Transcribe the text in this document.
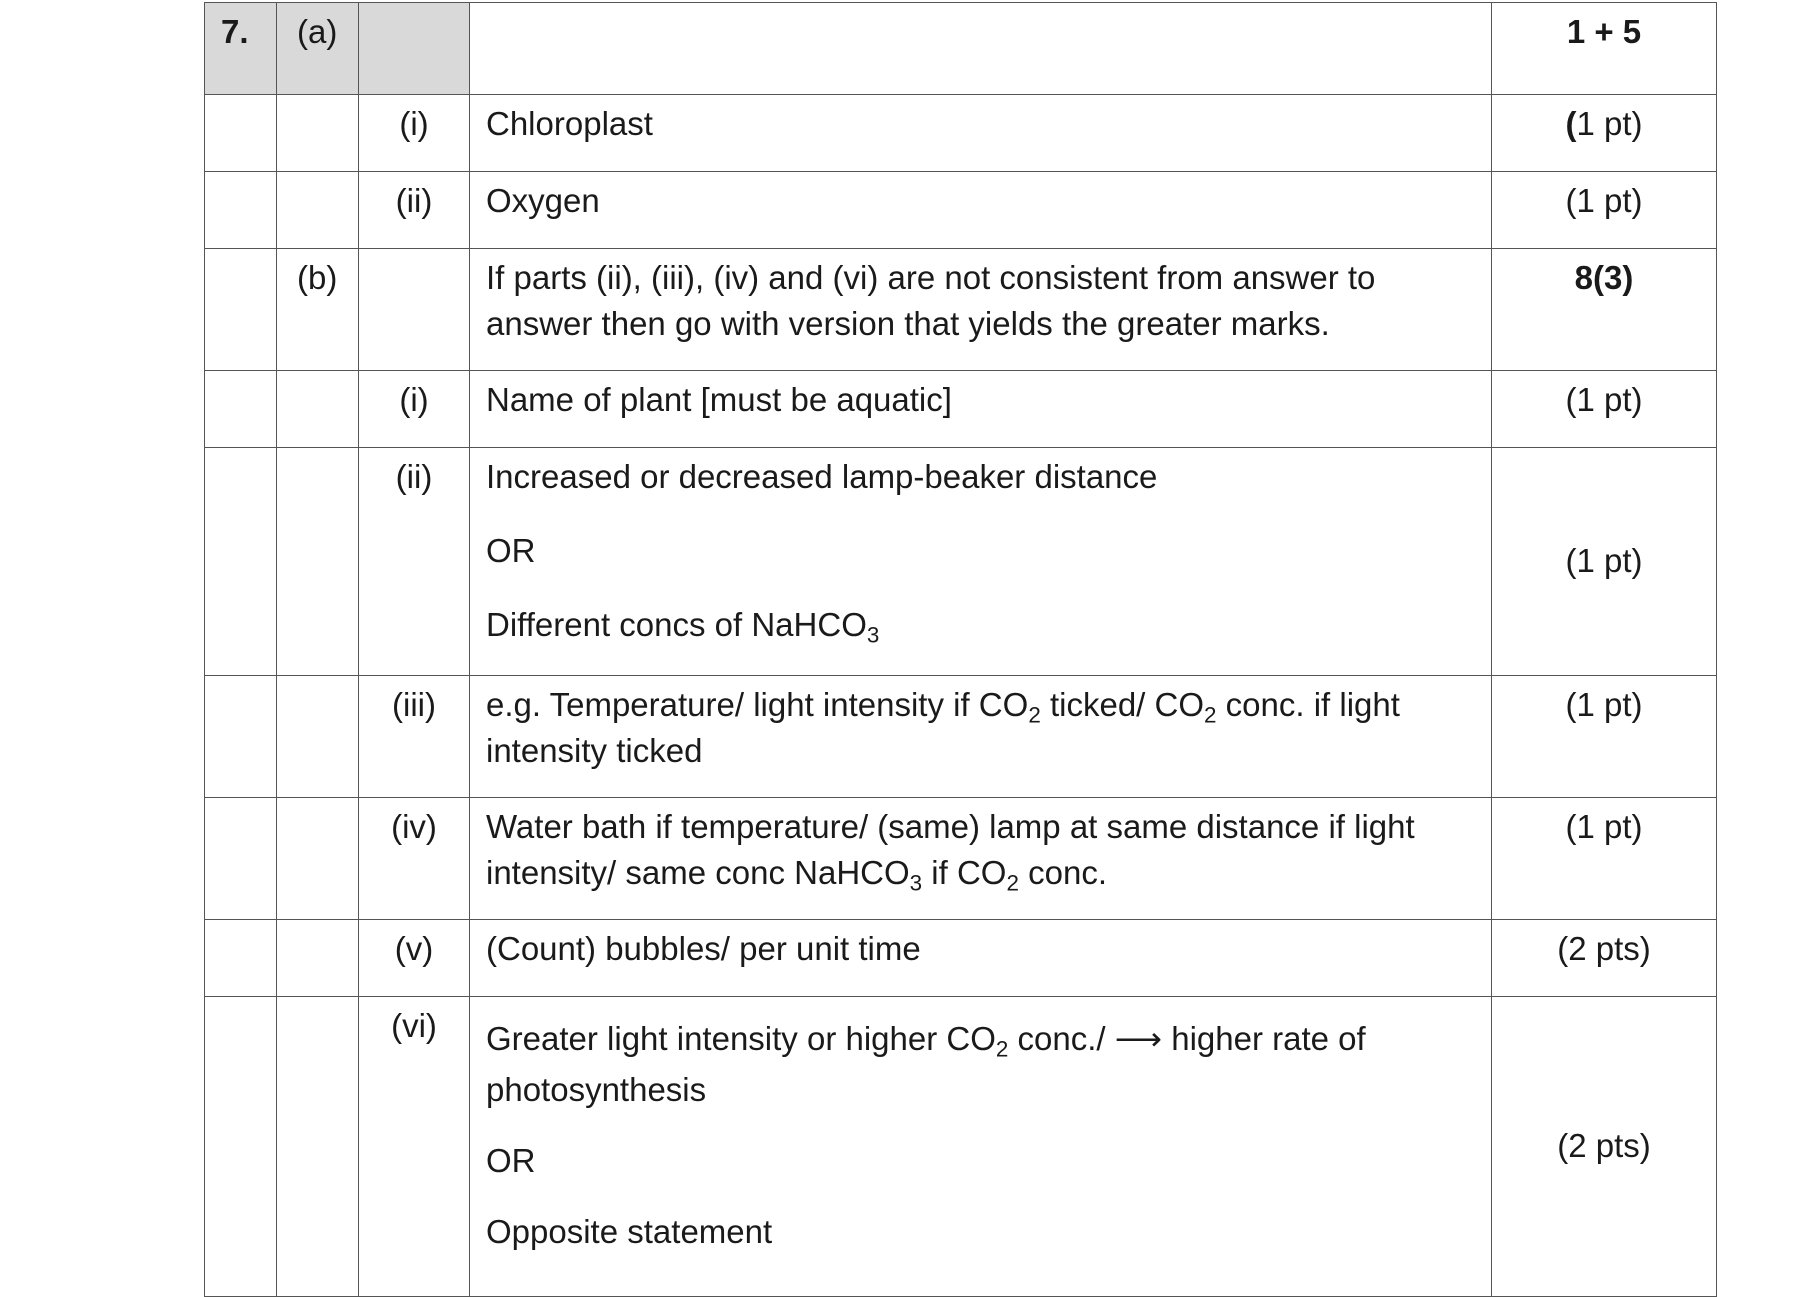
7.	(a)			1 + 5
		(i)	Chloroplast	(1 pt)
		(ii)	Oxygen	(1 pt)
	(b)		If parts (ii), (iii), (iv) and (vi) are not consistent from answer to answer then go with version that yields the greater marks.	8(3)
		(i)	Name of plant [must be aquatic]	(1 pt)
		(ii)	Increased or decreased lamp-beaker distance
OR
Different concs of NaHCO$_3$	(1 pt)
		(iii)	e.g. Temperature/ light intensity if $CO_2$ ticked/ $CO_2$ conc. if light intensity ticked	(1 pt)
		(iv)	Water bath if temperature/ (same) lamp at same distance if light intensity/ same conc NaHCO$_3$ if $CO_2$ conc.	(1 pt)
		(v)	(Count) bubbles/ per unit time	(2 pts)
		(vi)	Greater light intensity or higher $CO_2$ conc./ ⟶ higher rate of photosynthesis
OR
Opposite statement	(2 pts)
